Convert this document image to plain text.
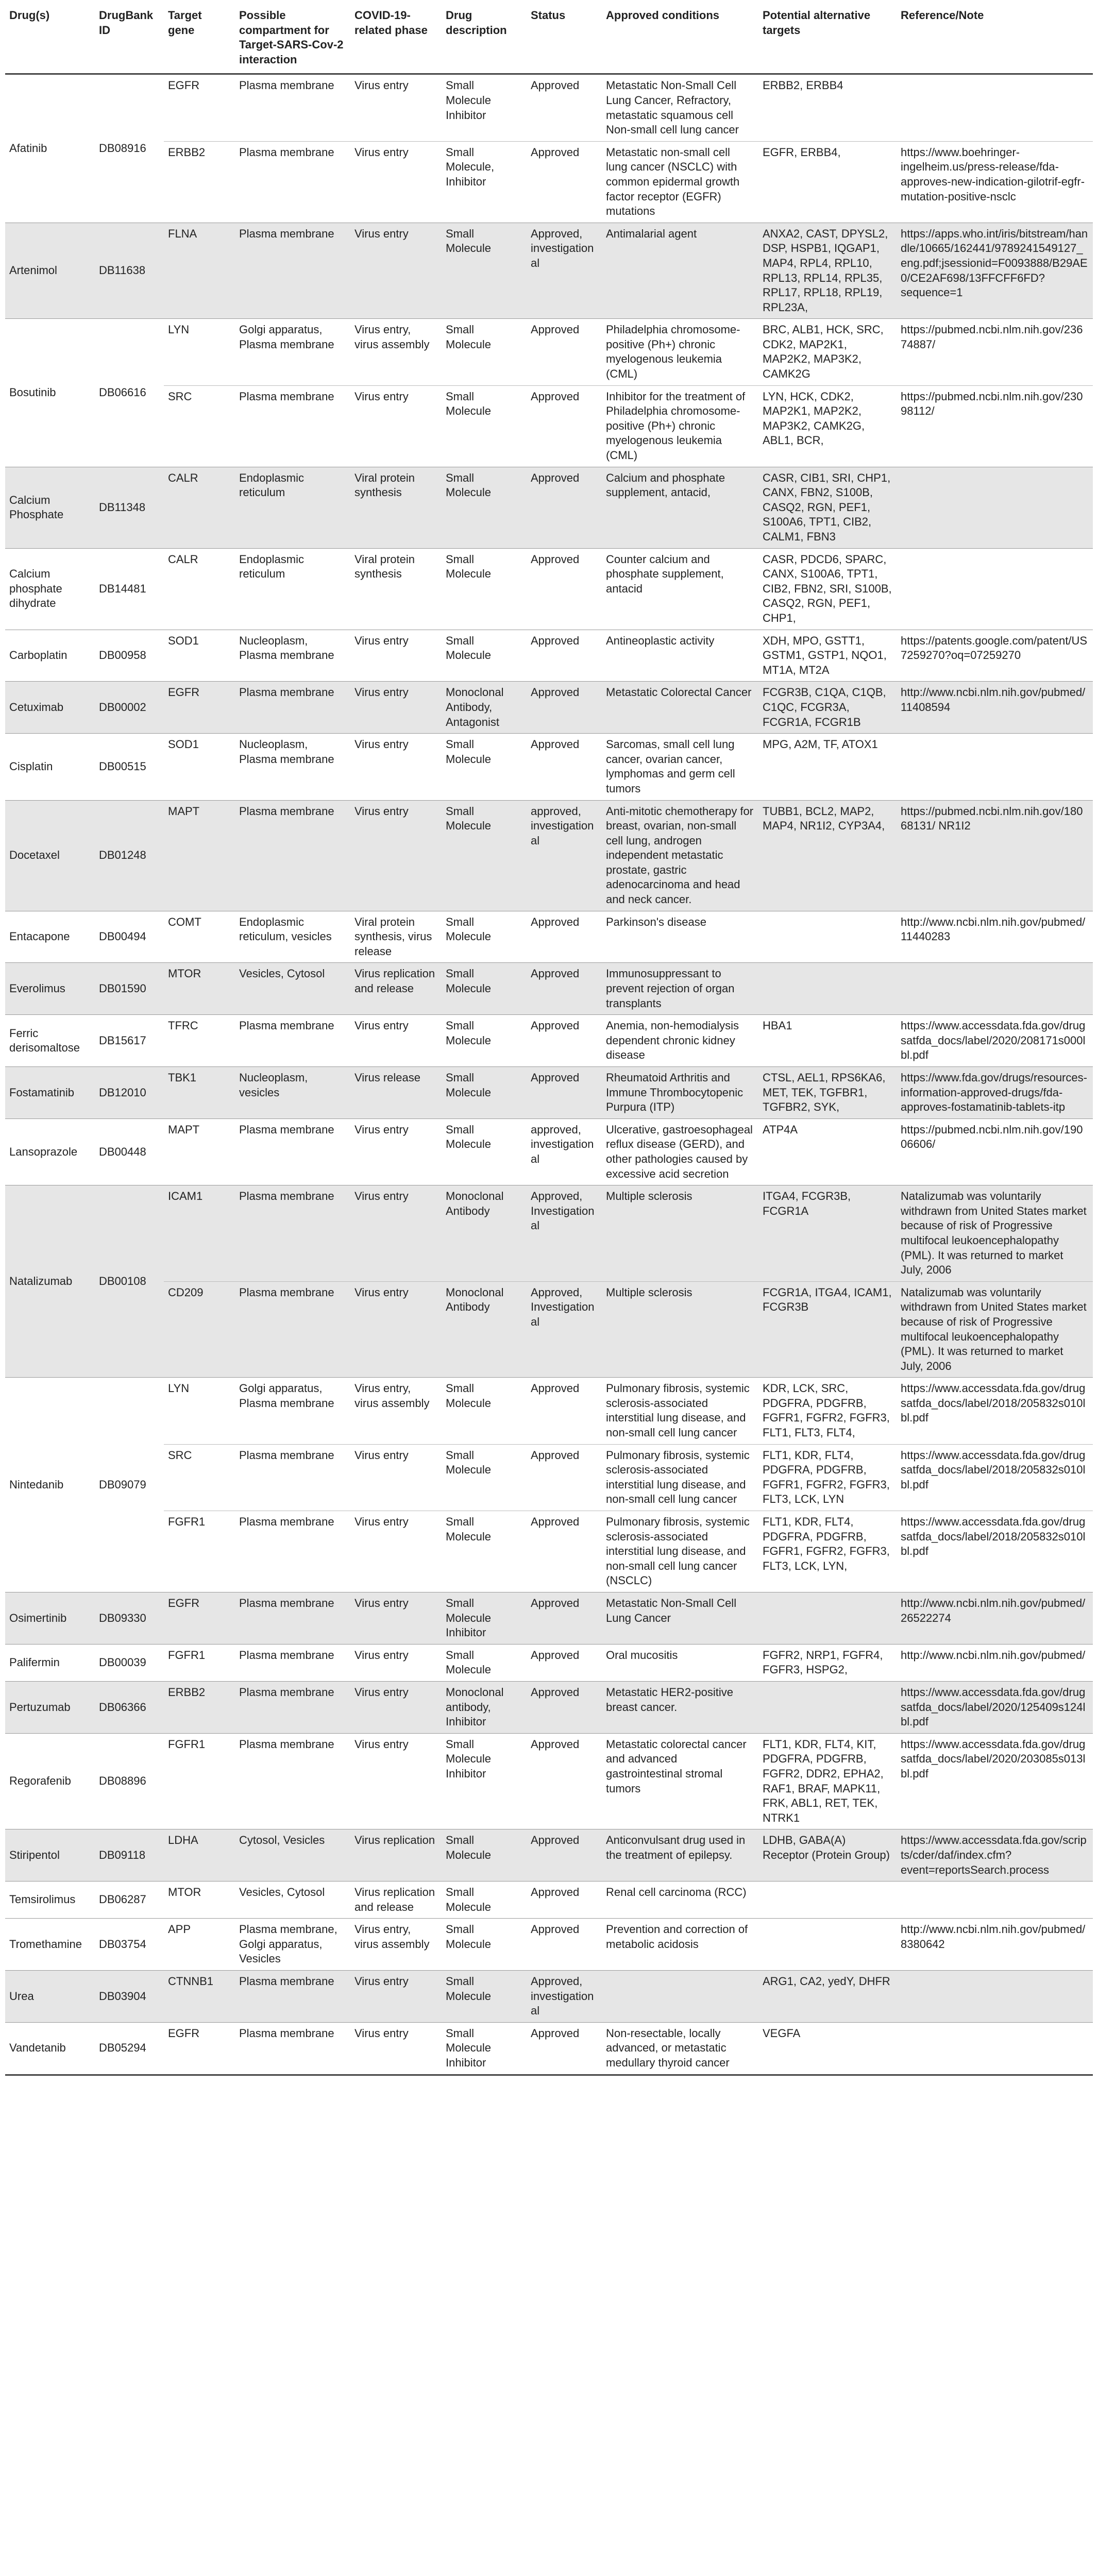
Drug(s)	DrugBank ID	Target gene	Possible compartment for Target-SARS-Cov-2 interaction	COVID-19-related phase	Drug description	Status	Approved conditions	Potential alternative targets	Reference/Note
Afatinib	DB08916	EGFR	Plasma membrane	Virus entry	Small Molecule Inhibitor	Approved	Metastatic Non-Small Cell Lung Cancer, Refractory, metastatic squamous cell Non-small cell lung cancer	ERBB2, ERBB4	
		ERBB2	Plasma membrane	Virus entry	Small Molecule, Inhibitor	Approved	Metastatic non-small cell lung cancer (NSCLC) with common epidermal growth factor receptor (EGFR) mutations	EGFR, ERBB4,	https://www.boehringer-ingelheim.us/press-release/fda-approves-new-indication-gilotrif-egfr-mutation-positive-nsclc
Artenimol	DB11638	FLNA	Plasma membrane	Virus entry	Small Molecule	Approved, investigational	Antimalarial agent	ANXA2, CAST, DPYSL2, DSP, HSPB1, IQGAP1, MAP4, RPL4, RPL10, RPL13, RPL14, RPL35, RPL17, RPL18, RPL19, RPL23A,	https://apps.who.int/iris/bitstream/handle/10665/162441/9789241549127_eng.pdf;jsessionid=F0093888/B29AE0/CE2AF698/13FFCFF6FD?sequence=1
Bosutinib	DB06616	LYN	Golgi apparatus, Plasma membrane	Virus entry, virus assembly	Small Molecule	Approved	Philadelphia chromosome-positive (Ph+) chronic myelogenous leukemia (CML)	BRC, ALB1, HCK, SRC, CDK2, MAP2K1, MAP2K2, MAP3K2, CAMK2G	https://pubmed.ncbi.nlm.nih.gov/23674887/
		SRC	Plasma membrane	Virus entry	Small Molecule	Approved	Inhibitor for the treatment of Philadelphia chromosome-positive (Ph+) chronic myelogenous leukemia (CML)	LYN, HCK, CDK2, MAP2K1, MAP2K2, MAP3K2, CAMK2G, ABL1, BCR,	https://pubmed.ncbi.nlm.nih.gov/23098112/
Calcium Phosphate	DB11348	CALR	Endoplasmic reticulum	Viral protein synthesis	Small Molecule	Approved	Calcium and phosphate supplement, antacid,	CASR, CIB1, SRI, CHP1, CANX, FBN2, S100B, CASQ2, RGN, PEF1, S100A6, TPT1, CIB2, CALM1, FBN3	
Calcium phosphate dihydrate	DB14481	CALR	Endoplasmic reticulum	Viral protein synthesis	Small Molecule	Approved	Counter calcium and phosphate supplement, antacid	CASR, PDCD6, SPARC, CANX, S100A6, TPT1, CIB2, FBN2, SRI, S100B, CASQ2, RGN, PEF1, CHP1,	
Carboplatin	DB00958	SOD1	Nucleoplasm, Plasma membrane	Virus entry	Small Molecule	Approved	Antineoplastic activity	XDH, MPO, GSTT1, GSTM1, GSTP1, NQO1, MT1A, MT2A	https://patents.google.com/patent/US7259270?oq=07259270
Cetuximab	DB00002	EGFR	Plasma membrane	Virus entry	Monoclonal Antibody, Antagonist	Approved	Metastatic Colorectal Cancer	FCGR3B, C1QA, C1QB, C1QC, FCGR3A, FCGR1A, FCGR1B	http://www.ncbi.nlm.nih.gov/pubmed/11408594
Cisplatin	DB00515	SOD1	Nucleoplasm, Plasma membrane	Virus entry	Small Molecule	Approved	Sarcomas, small cell lung cancer, ovarian cancer, lymphomas and germ cell tumors	MPG, A2M, TF, ATOX1	
Docetaxel	DB01248	MAPT	Plasma membrane	Virus entry	Small Molecule	approved, investigational	Anti-mitotic chemotherapy for breast, ovarian, non-small cell lung, androgen independent metastatic prostate, gastric adenocarcinoma and head and neck cancer.	TUBB1, BCL2, MAP2, MAP4, NR1I2, CYP3A4,	https://pubmed.ncbi.nlm.nih.gov/18068131/ NR1I2
Entacapone	DB00494	COMT	Endoplasmic reticulum, vesicles	Viral protein synthesis, virus release	Small Molecule	Approved	Parkinson's disease		http://www.ncbi.nlm.nih.gov/pubmed/11440283
Everolimus	DB01590	MTOR	Vesicles, Cytosol	Virus replication and release	Small Molecule	Approved	Immunosuppressant to prevent rejection of organ transplants		
Ferric derisomaltose	DB15617	TFRC	Plasma membrane	Virus entry	Small Molecule	Approved	Anemia, non-hemodialysis dependent chronic kidney disease	HBA1	https://www.accessdata.fda.gov/drugsatfda_docs/label/2020/208171s000lbl.pdf
Fostamatinib	DB12010	TBK1	Nucleoplasm, vesicles	Virus release	Small Molecule	Approved	Rheumatoid Arthritis and Immune Thrombocytopenic Purpura (ITP)	CTSL, AEL1, RPS6KA6, MET, TEK, TGFBR1, TGFBR2, SYK,	https://www.fda.gov/drugs/resources-information-approved-drugs/fda-approves-fostamatinib-tablets-itp
Lansoprazole	DB00448	MAPT	Plasma membrane	Virus entry	Small Molecule	approved, investigational	Ulcerative, gastroesophageal reflux disease (GERD), and other pathologies caused by excessive acid secretion	ATP4A	https://pubmed.ncbi.nlm.nih.gov/19006606/
Natalizumab	DB00108	ICAM1	Plasma membrane	Virus entry	Monoclonal Antibody	Approved, Investigational	Multiple sclerosis	ITGA4, FCGR3B, FCGR1A	Natalizumab was voluntarily withdrawn from United States market because of risk of Progressive multifocal leukoencephalopathy (PML). It was returned to market July, 2006
		CD209	Plasma membrane	Virus entry	Monoclonal Antibody	Approved, Investigational	Multiple sclerosis	FCGR1A, ITGA4, ICAM1, FCGR3B	Natalizumab was voluntarily withdrawn from United States market because of risk of Progressive multifocal leukoencephalopathy (PML). It was returned to market July, 2006
Nintedanib	DB09079	LYN	Golgi apparatus, Plasma membrane	Virus entry, virus assembly	Small Molecule	Approved	Pulmonary fibrosis, systemic sclerosis-associated interstitial lung disease, and non-small cell lung cancer	KDR, LCK, SRC, PDGFRA, PDGFRB, FGFR1, FGFR2, FGFR3, FLT1, FLT3, FLT4,	https://www.accessdata.fda.gov/drugsatfda_docs/label/2018/205832s010lbl.pdf
		SRC	Plasma membrane	Virus entry	Small Molecule	Approved	Pulmonary fibrosis, systemic sclerosis-associated interstitial lung disease, and non-small cell lung cancer	FLT1, KDR, FLT4, PDGFRA, PDGFRB, FGFR1, FGFR2, FGFR3, FLT3, LCK, LYN	https://www.accessdata.fda.gov/drugsatfda_docs/label/2018/205832s010lbl.pdf
		FGFR1	Plasma membrane	Virus entry	Small Molecule	Approved	Pulmonary fibrosis, systemic sclerosis-associated interstitial lung disease, and non-small cell lung cancer (NSCLC)	FLT1, KDR, FLT4, PDGFRA, PDGFRB, FGFR1, FGFR2, FGFR3, FLT3, LCK, LYN,	https://www.accessdata.fda.gov/drugsatfda_docs/label/2018/205832s010lbl.pdf
Osimertinib	DB09330	EGFR	Plasma membrane	Virus entry	Small Molecule Inhibitor	Approved	Metastatic Non-Small Cell Lung Cancer		http://www.ncbi.nlm.nih.gov/pubmed/26522274
Palifermin	DB00039	FGFR1	Plasma membrane	Virus entry	Small Molecule	Approved	Oral mucositis	FGFR2, NRP1, FGFR4, FGFR3, HSPG2,	http://www.ncbi.nlm.nih.gov/pubmed/
Pertuzumab	DB06366	ERBB2	Plasma membrane	Virus entry	Monoclonal antibody, Inhibitor	Approved	Metastatic HER2-positive breast cancer.		https://www.accessdata.fda.gov/drugsatfda_docs/label/2020/125409s124lbl.pdf
Regorafenib	DB08896	FGFR1	Plasma membrane	Virus entry	Small Molecule Inhibitor	Approved	Metastatic colorectal cancer and advanced gastrointestinal stromal tumors	FLT1, KDR, FLT4, KIT, PDGFRA, PDGFRB, FGFR2, DDR2, EPHA2, RAF1, BRAF, MAPK11, FRK, ABL1, RET, TEK, NTRK1	https://www.accessdata.fda.gov/drugsatfda_docs/label/2020/203085s013lbl.pdf
Stiripentol	DB09118	LDHA	Cytosol, Vesicles	Virus replication	Small Molecule	Approved	Anticonvulsant drug used in the treatment of epilepsy.	LDHB, GABA(A) Receptor (Protein Group)	https://www.accessdata.fda.gov/scripts/cder/daf/index.cfm?event=reportsSearch.process
Temsirolimus	DB06287	MTOR	Vesicles, Cytosol	Virus replication and release	Small Molecule	Approved	Renal cell carcinoma (RCC)		
Tromethamine	DB03754	APP	Plasma membrane, Golgi apparatus, Vesicles	Virus entry, virus assembly	Small Molecule	Approved	Prevention and correction of metabolic acidosis		http://www.ncbi.nlm.nih.gov/pubmed/8380642
Urea	DB03904	CTNNB1	Plasma membrane	Virus entry	Small Molecule	Approved, investigational		ARG1, CA2, yedY, DHFR	
Vandetanib	DB05294	EGFR	Plasma membrane	Virus entry	Small Molecule Inhibitor	Approved	Non-resectable, locally advanced, or metastatic medullary thyroid cancer	VEGFA	
